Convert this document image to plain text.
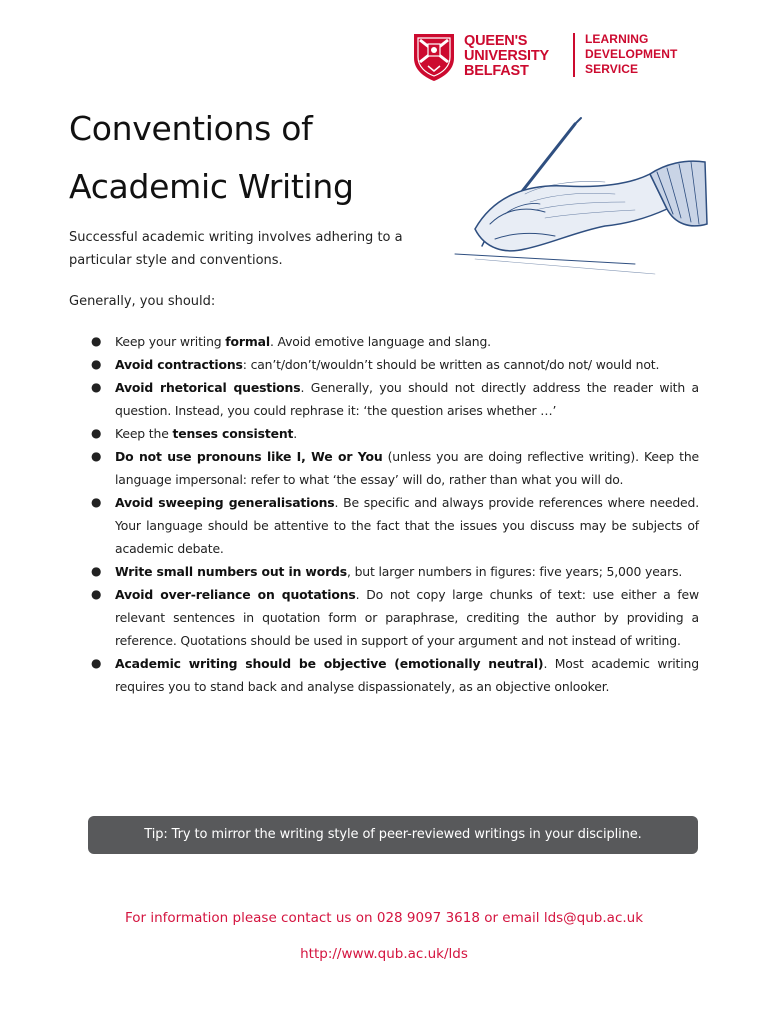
QUEEN'S
UNIVERSITY
BELFAST
LEARNING
DEVELOPMENT
SERVICE
Conventions of
Academic Writing

Successful academic writing involves adhering to a particular style and conventions.

Generally, you should:

● Keep your writing formal. Avoid emotive language and slang.
● Avoid contractions: can’t/don’t/wouldn’t should be written as cannot/do not/ would not.
● Avoid rhetorical questions. Generally, you should not directly address the reader with a question. Instead, you could rephrase it: ‘the question arises whether …’
● Keep the tenses consistent.
● Do not use pronouns like I, We or You (unless you are doing reflective writing). Keep the language impersonal: refer to what ‘the essay’ will do, rather than what you will do.
● Avoid sweeping generalisations. Be specific and always provide references where needed. Your language should be attentive to the fact that the issues you discuss may be subjects of academic debate.
● Write small numbers out in words, but larger numbers in figures: five years; 5,000 years.
● Avoid over-reliance on quotations. Do not copy large chunks of text: use either a few relevant sentences in quotation form or paraphrase, crediting the author by providing a reference. Quotations should be used in support of your argument and not instead of writing.
● Academic writing should be objective (emotionally neutral). Most academic writing requires you to stand back and analyse dispassionately, as an objective onlooker.
Tip: Try to mirror the writing style of peer-reviewed writings in your discipline.
For information please contact us on 028 9097 3618 or email lds@qub.ac.uk
http://www.qub.ac.uk/lds
